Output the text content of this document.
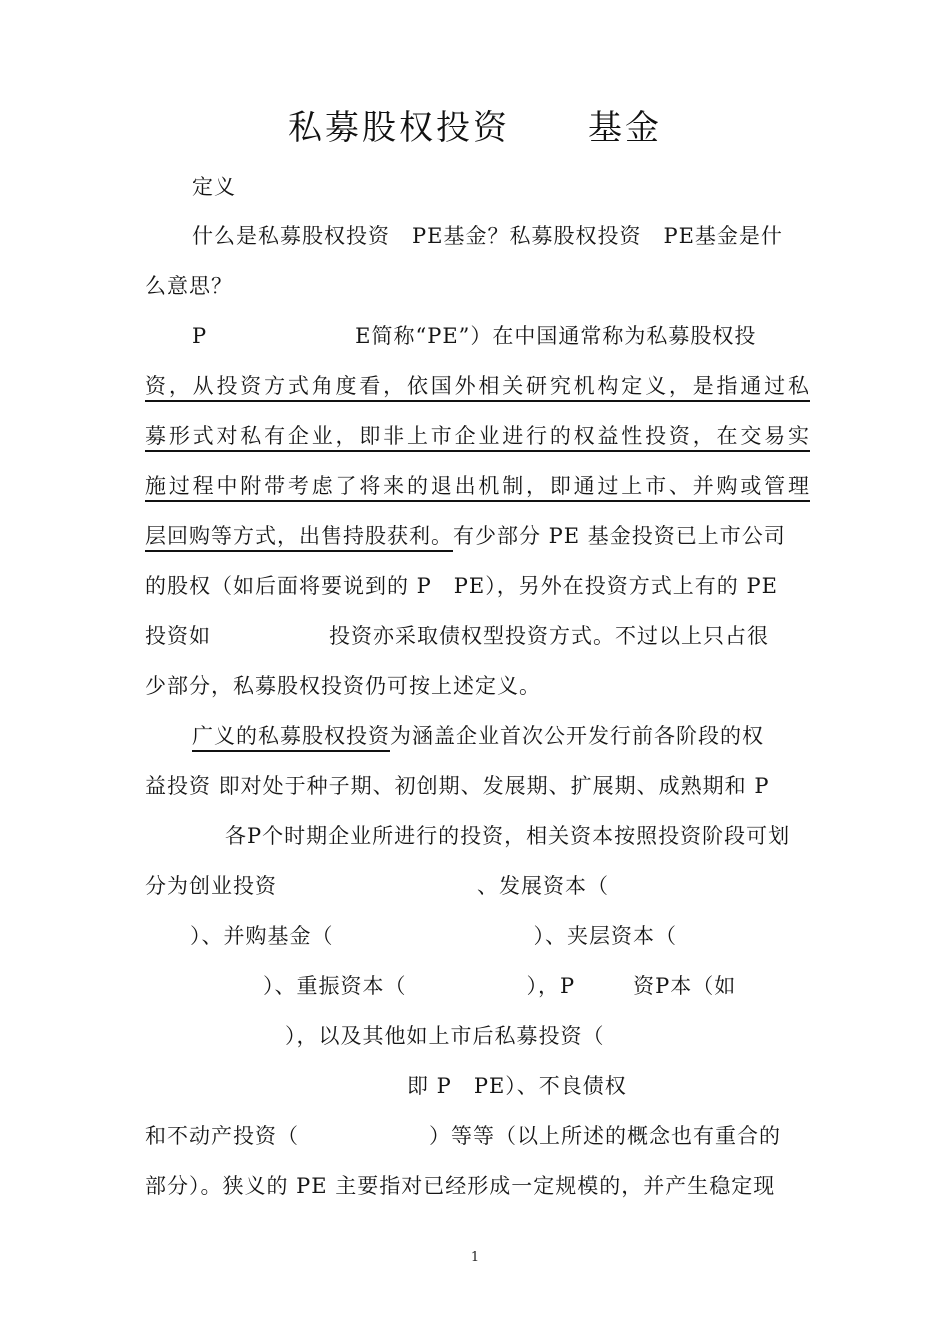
私募股权投资 基金
定义
什么是私募股权投资 PE基金？私募股权投资 PE基金是什
么意思？
P	E简称“PE”）在中国通常称为私募股权投
资，从投资方式角度看，依国外相关研究机构定义，是指通过私
募形式对私有企业，即非上市企业进行的权益性投资，在交易实
施过程中附带考虑了将来的退出机制，即通过上市、并购或管理
层回购等方式，出售持股获利。有少部分 PE 基金投资已上市公司
的股权（如后面将要说到的 P　PE），另外在投资方式上有的 PE
投资如	投资亦采取债权型投资方式。不过以上只占很
少部分，私募股权投资仍可按上述定义。
广义的私募股权投资为涵盖企业首次公开发行前各阶段的权
益投资 即对处于种子期、初创期、发展期、扩展期、成熟期和 P
各P个时期企业所进行的投资，相关资本按照投资阶段可划
分为创业投资	、发展资本（
）、并购基金（	）、夹层资本（
）、重振资本（	），P	资P本（如
），以及其他如上市后私募投资（
即 P PE）、不良债权
和不动产投资（	）等等（以上所述的概念也有重合的
部分）。狭义的 PE 主要指对已经形成一定规模的，并产生稳定现
1
